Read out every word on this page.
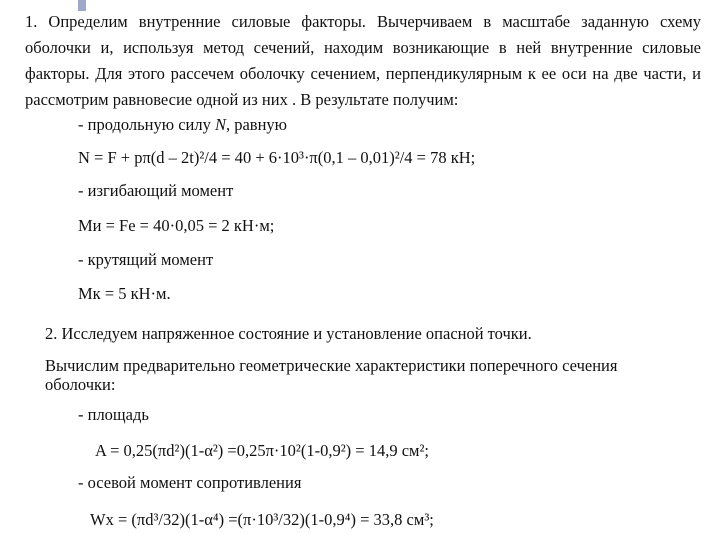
1. Определим внутренние силовые факторы. Вычерчиваем в масштабе заданную схему оболочки и, используя метод сечений, находим возникающие в ней внутренние силовые факторы. Для этого рассечем оболочку сечением, перпендикулярным к ее оси на две части, и рассмотрим равновесие одной из них . В результате получим:
- продольную силу N, равную
N = F + pπ(d – 2t)²/4 = 40 + 6·10³·π(0,1 – 0,01)²/4 = 78 кН;
- изгибающий момент
Mи = Fe = 40·0,05 = 2 кН·м;
- крутящий момент
Mк = 5 кН·м.
2. Исследуем напряженное состояние и установление опасной точки.
Вычислим предварительно геометрические характеристики поперечного сечения оболочки:
- площадь
A = 0,25(πd²)(1-α²) =0,25π·10²(1-0,9²) = 14,9 см²;
- осевой момент сопротивления
Wx = (πd³/32)(1-α⁴) =(π·10³/32)(1-0,9⁴) = 33,8 см³;
